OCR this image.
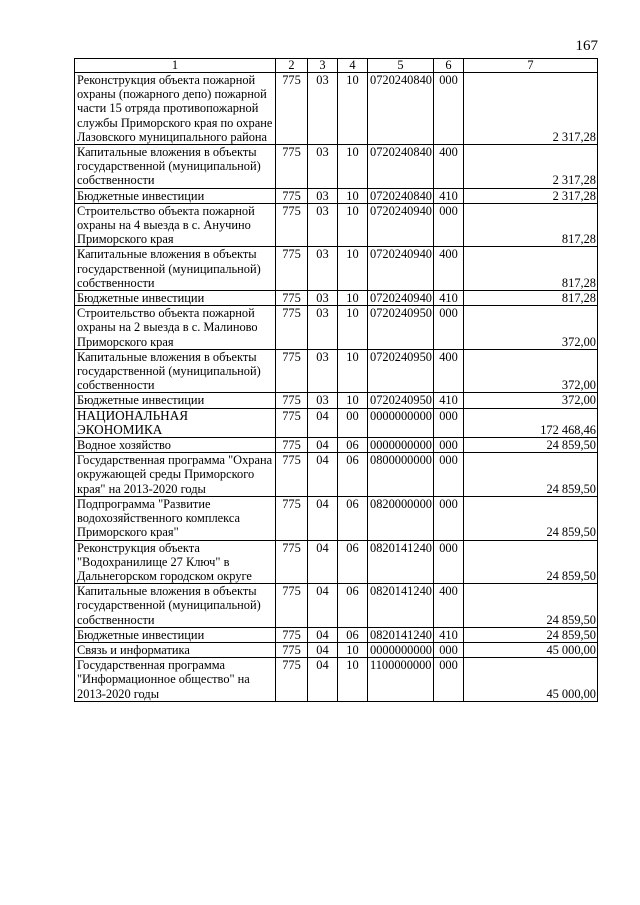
167
1	2	3	4	5	6	7
Реконструкция объекта пожарной охраны (пожарного депо) пожарной части 15 отряда противопожарной службы Приморского края по охране Лазовского муниципального района	775	03	10	0720240840	000	2 317,28
Капитальные вложения в объекты государственной (муниципальной) собственности	775	03	10	0720240840	400	2 317,28
Бюджетные инвестиции	775	03	10	0720240840	410	2 317,28
Строительство объекта пожарной охраны на 4 выезда в с. Анучино Приморского края	775	03	10	0720240940	000	817,28
Капитальные вложения в объекты государственной (муниципальной) собственности	775	03	10	0720240940	400	817,28
Бюджетные инвестиции	775	03	10	0720240940	410	817,28
Строительство объекта пожарной охраны на 2 выезда в с. Малиново Приморского края	775	03	10	0720240950	000	372,00
Капитальные вложения в объекты государственной (муниципальной) собственности	775	03	10	0720240950	400	372,00
Бюджетные инвестиции	775	03	10	0720240950	410	372,00
НАЦИОНАЛЬНАЯ ЭКОНОМИКА	775	04	00	0000000000	000	172 468,46
Водное хозяйство	775	04	06	0000000000	000	24 859,50
Государственная программа "Охрана окружающей среды Приморского края" на 2013-2020 годы	775	04	06	0800000000	000	24 859,50
Подпрограмма "Развитие водохозяйственного комплекса Приморского края"	775	04	06	0820000000	000	24 859,50
Реконструкция объекта "Водохранилище 27 Ключ" в Дальнегорском городском округе	775	04	06	0820141240	000	24 859,50
Капитальные вложения в объекты государственной (муниципальной) собственности	775	04	06	0820141240	400	24 859,50
Бюджетные инвестиции	775	04	06	0820141240	410	24 859,50
Связь и информатика	775	04	10	0000000000	000	45 000,00
Государственная программа "Информационное общество" на 2013-2020 годы	775	04	10	1100000000	000	45 000,00
